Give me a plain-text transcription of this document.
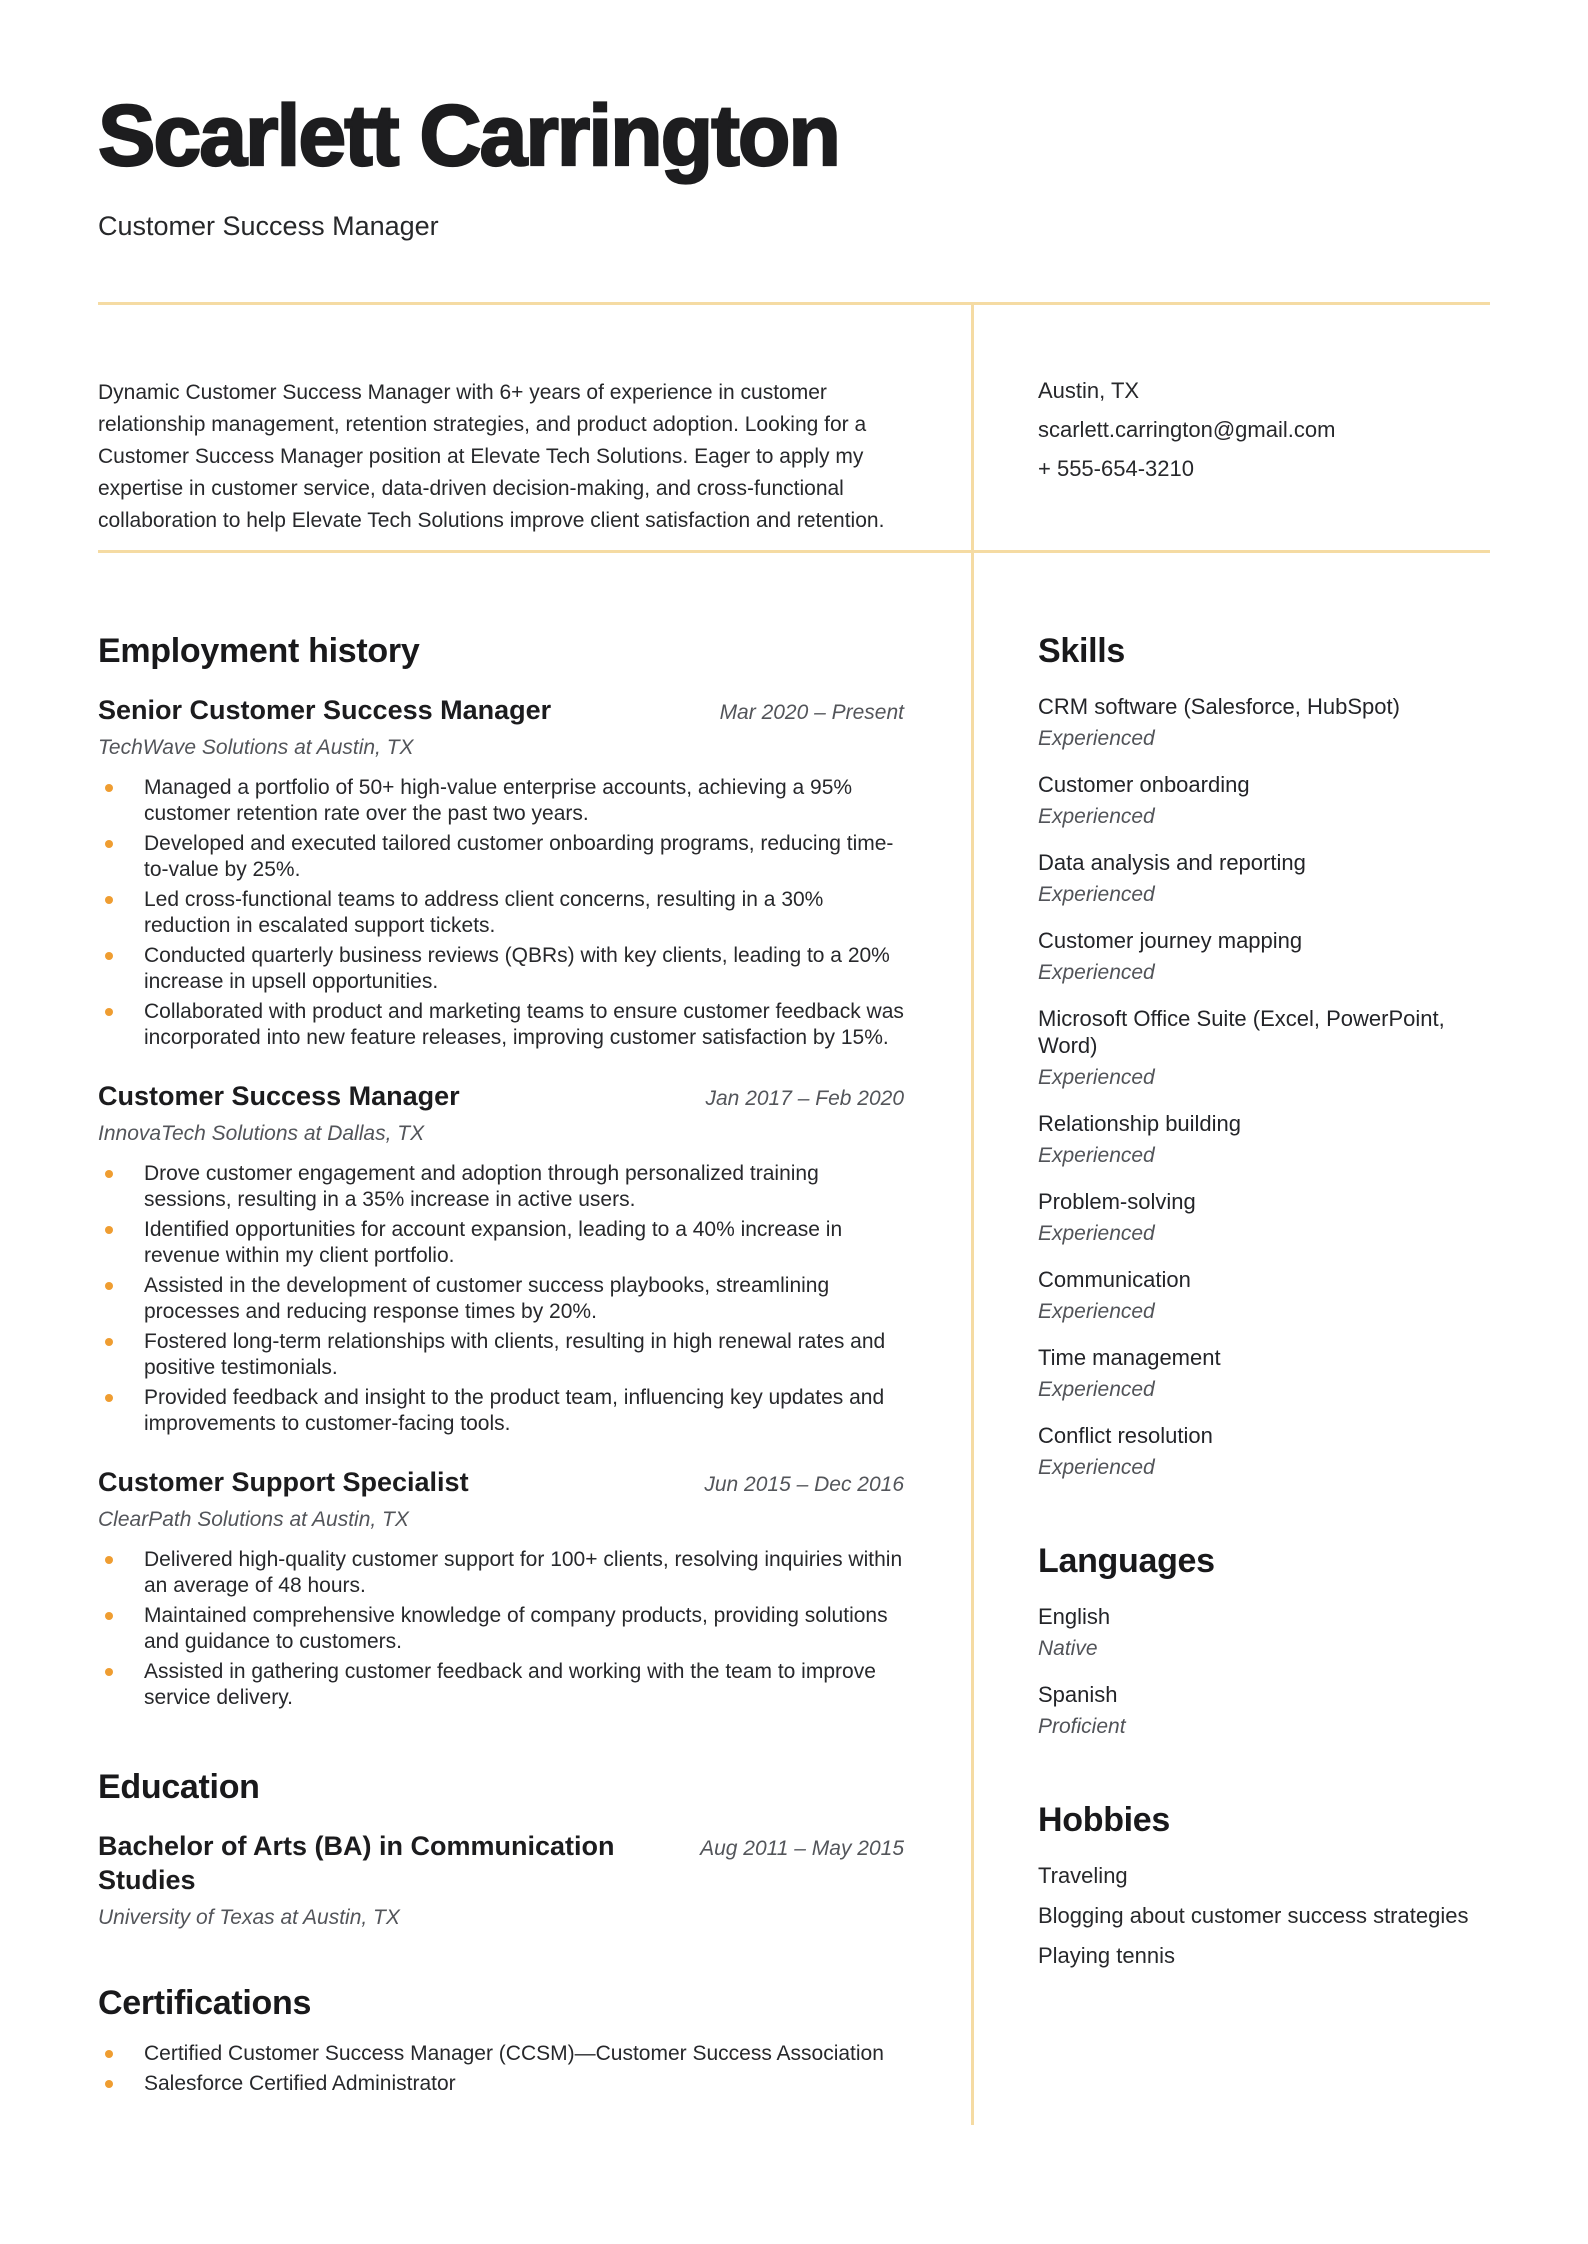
Scarlett Carrington
Customer Success Manager
Dynamic Customer Success Manager with 6+ years of experience in customer relationship management, retention strategies, and product adoption. Looking for a Customer Success Manager position at Elevate Tech Solutions. Eager to apply my expertise in customer service, data-driven decision-making, and cross-functional collaboration to help Elevate Tech Solutions improve client satisfaction and retention.
Austin, TX
scarlett.carrington@gmail.com
+ 555-654-3210
Employment history
Senior Customer Success Manager	Mar 2020 – Present
TechWave Solutions at Austin, TX
Managed a portfolio of 50+ high-value enterprise accounts, achieving a 95% customer retention rate over the past two years.
Developed and executed tailored customer onboarding programs, reducing time-to-value by 25%.
Led cross-functional teams to address client concerns, resulting in a 30% reduction in escalated support tickets.
Conducted quarterly business reviews (QBRs) with key clients, leading to a 20% increase in upsell opportunities.
Collaborated with product and marketing teams to ensure customer feedback was incorporated into new feature releases, improving customer satisfaction by 15%.
Customer Success Manager	Jan 2017 – Feb 2020
InnovaTech Solutions at Dallas, TX
Drove customer engagement and adoption through personalized training sessions, resulting in a 35% increase in active users.
Identified opportunities for account expansion, leading to a 40% increase in revenue within my client portfolio.
Assisted in the development of customer success playbooks, streamlining processes and reducing response times by 20%.
Fostered long-term relationships with clients, resulting in high renewal rates and positive testimonials.
Provided feedback and insight to the product team, influencing key updates and improvements to customer-facing tools.
Customer Support Specialist	Jun 2015 – Dec 2016
ClearPath Solutions at Austin, TX
Delivered high-quality customer support for 100+ clients, resolving inquiries within an average of 48 hours.
Maintained comprehensive knowledge of company products, providing solutions and guidance to customers.
Assisted in gathering customer feedback and working with the team to improve service delivery.
Education
Bachelor of Arts (BA) in Communication Studies
Aug 2011 – May 2015
University of Texas at Austin, TX
Certifications
Certified Customer Success Manager (CCSM)—Customer Success Association
Salesforce Certified Administrator
Skills
CRM software (Salesforce, HubSpot)
Experienced
Customer onboarding
Experienced
Data analysis and reporting
Experienced
Customer journey mapping
Experienced
Microsoft Office Suite (Excel, PowerPoint, Word)
Experienced
Relationship building
Experienced
Problem-solving
Experienced
Communication
Experienced
Time management
Experienced
Conflict resolution
Experienced
Languages
English
Native
Spanish
Proficient
Hobbies
Traveling
Blogging about customer success strategies
Playing tennis
